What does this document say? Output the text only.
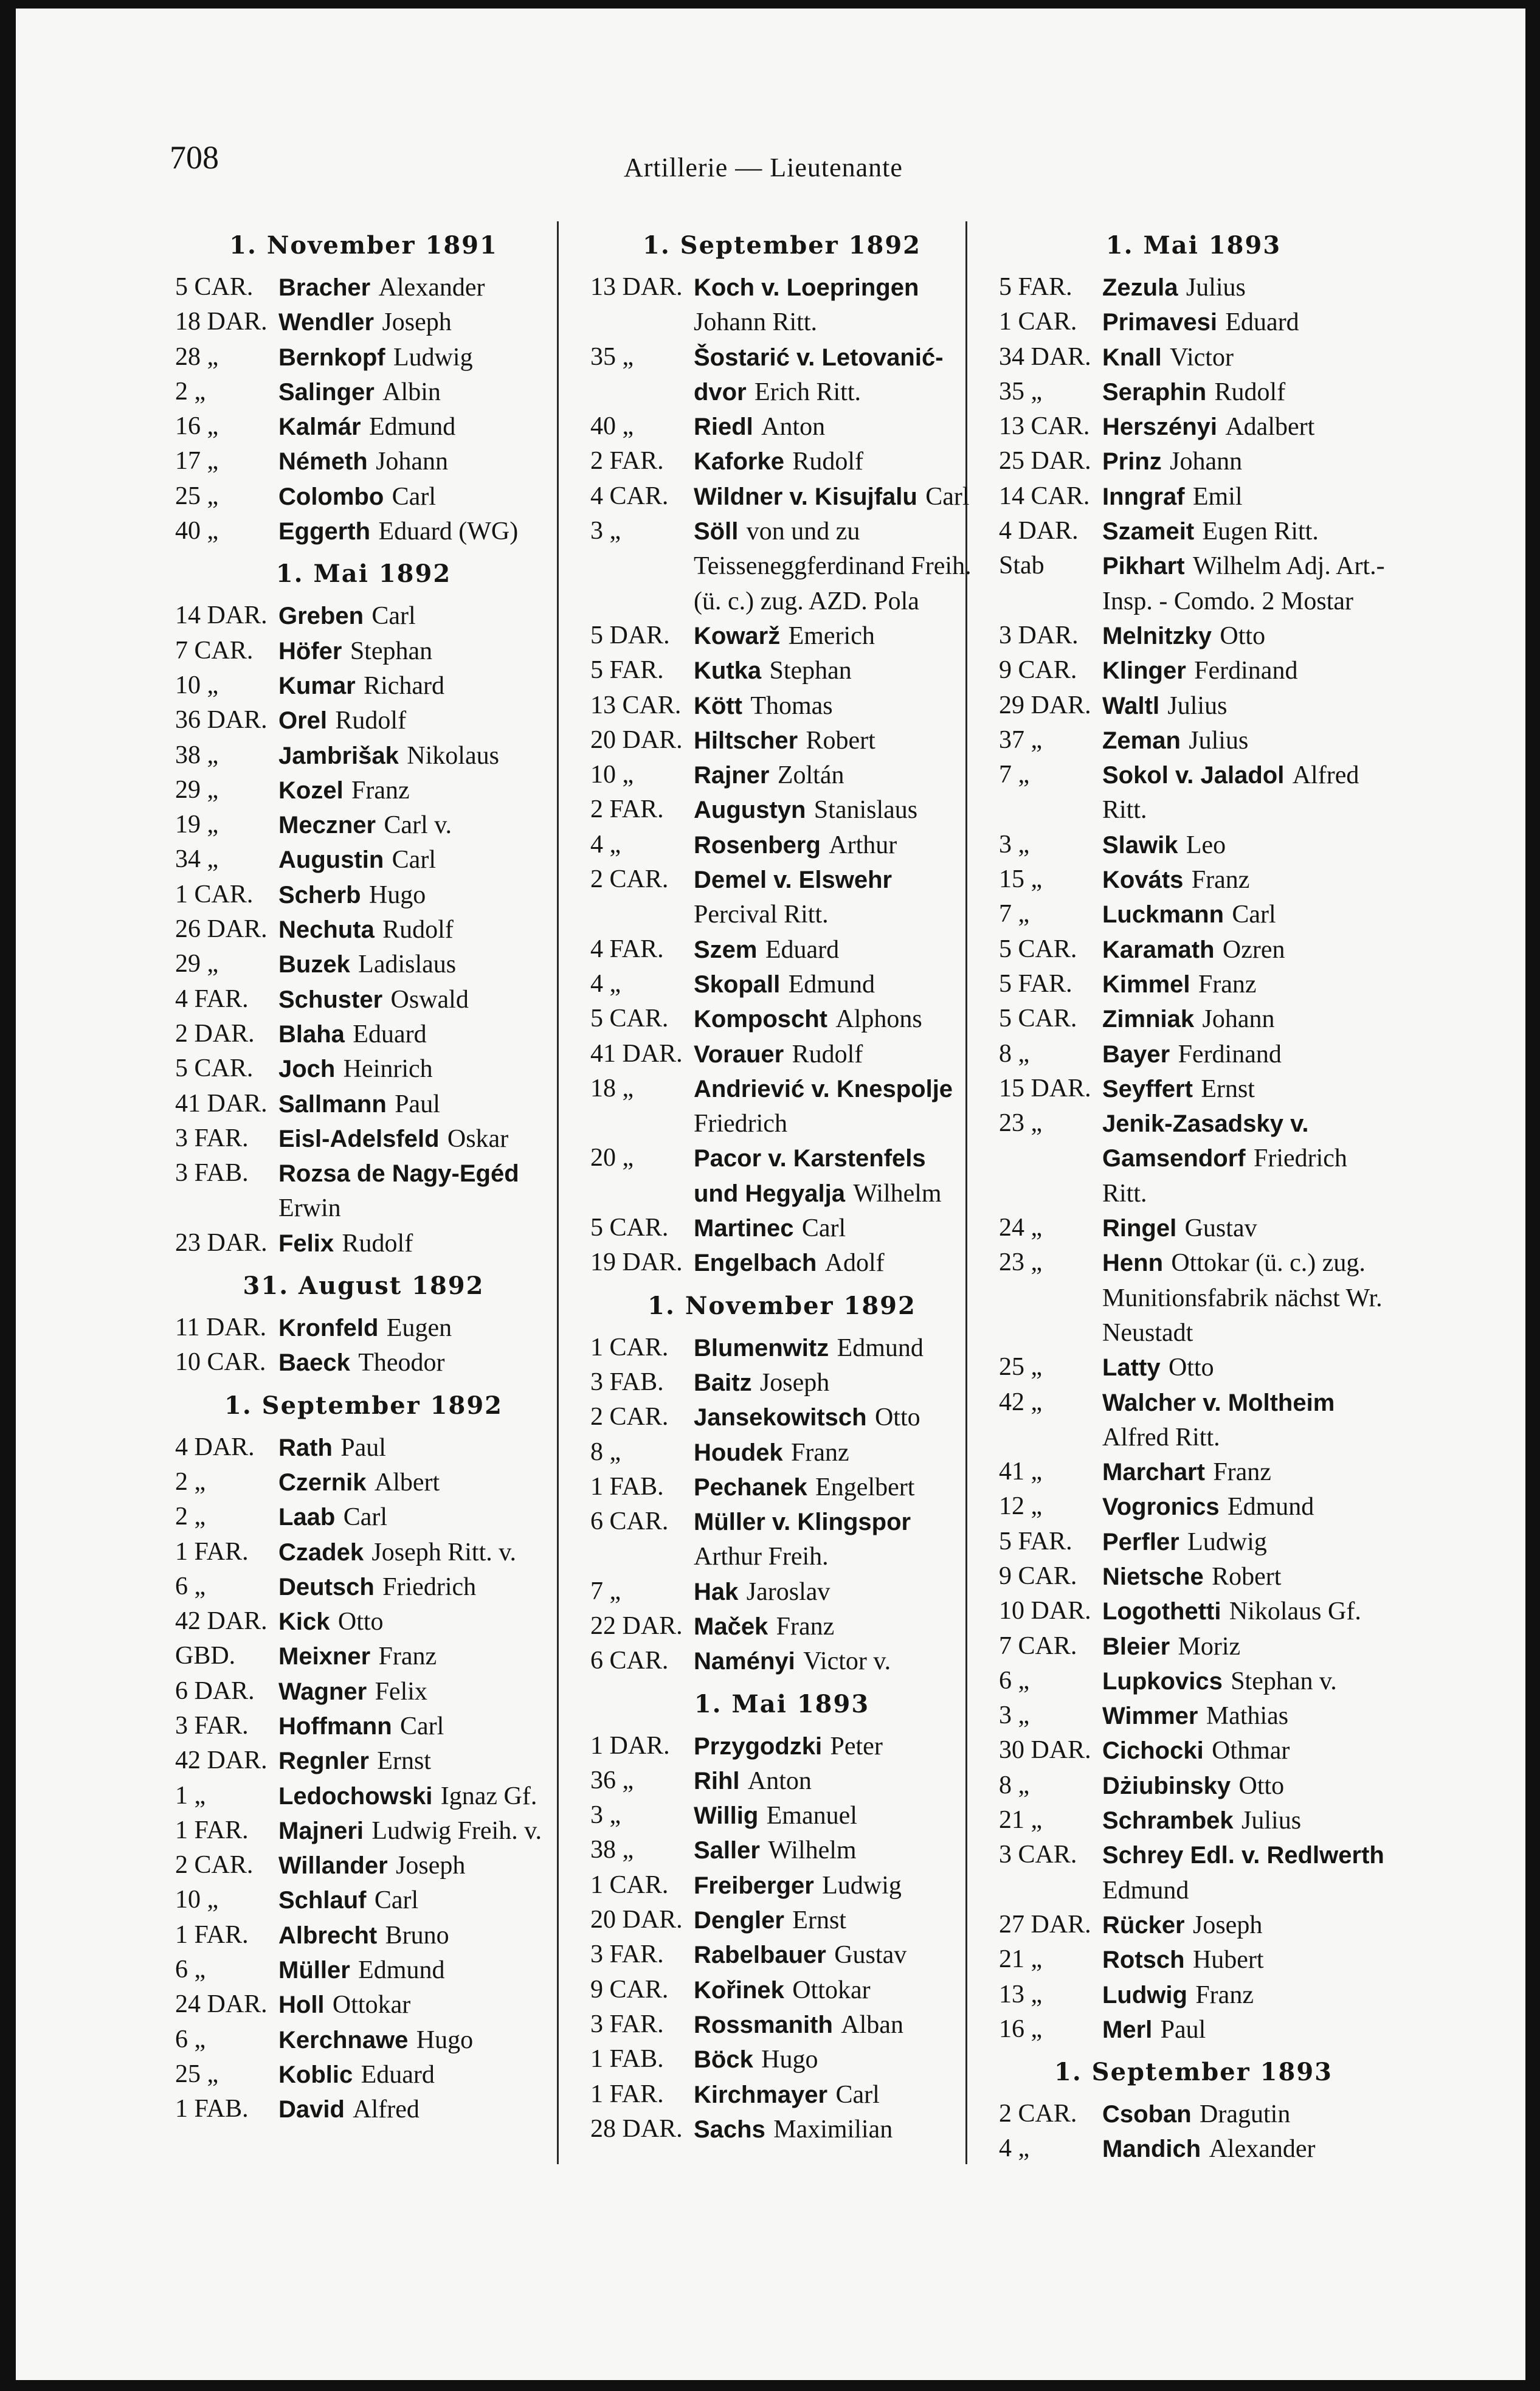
708	Artillerie — Lieutenante
1. November 1891
5 CAR.	Bracher Alexander
18 DAR. Wendler Joseph
28 „	Bernkopf Ludwig
2 „	Salinger Albin
16 „	Kalmár Edmund
17 „	Németh Johann
25 „	Colombo Carl
40 „	Eggerth Eduard (WG)
1. Mai 1892
14 DAR. Greben Carl
7 CAR.	Höfer Stephan
10 „	Kumar Richard
36 DAR. Orel Rudolf
38 „	Jambrišak Nikolaus
29 „	Kozel Franz
19 „	Meczner Carl v.
34 „	Augustin Carl
1 CAR.	Scherb Hugo
26 DAR. Nechuta Rudolf
29 „	Buzek Ladislaus
4 FAR.	Schuster Oswald
2 DAR. Blaha Eduard
5 CAR.	Joch Heinrich
41 DAR. Sallmann Paul
3 FAR.	Eisl-Adelsfeld Oskar
3 FAB.	Rozsa de Nagy-Egéd Erwin
23 DAR. Felix Rudolf
31. August 1892
11 DAR. Kronfeld Eugen
10 CAR. Baeck Theodor
1. September 1892
4 DAR. Rath Paul
2 „	Czernik Albert
2 „	Laab Carl
1 FAR.	Czadek Joseph Ritt. v.
6 „	Deutsch Friedrich
42 DAR. Kick Otto
GBD.	Meixner Franz
6 DAR. Wagner Felix
3 FAR.	Hoffmann Carl
42 DAR. Regnler Ernst
1 „	Ledochowski Ignaz Gf.
1 FAR.	Majneri Ludwig Freih. v.
2 CAR.	Willander Joseph
10 „	Schlauf Carl
1 FAR.	Albrecht Bruno
6 „	Müller Edmund
24 DAR. Holl Ottokar
6 „	Kerchnawe Hugo
25 „	Koblic Eduard
1 FAB.	David Alfred
1. September 1892
13 DAR. Koch v. Loepringen Johann Ritt.
35 „	Šostarić v. Letovanić-dvor Erich Ritt.
40 „	Riedl Anton
2 FAR.	Kaforke Rudolf
4 CAR.	Wildner v. Kisujfalu Carl
3 „	Söll von und zu Teisseneggferdinand Freih. (ü. c.) zug. AZD. Pola
5 DAR. Kowarž Emerich
5 FAR.	Kutka Stephan
13 CAR. Kött Thomas
20 DAR. Hiltscher Robert
10 „	Rajner Zoltán
2 FAR.	Augustyn Stanislaus
4 „	Rosenberg Arthur
2 CAR.	Demel v. Elswehr Percival Ritt.
4 FAR.	Szem Eduard
4 „	Skopall Edmund
5 CAR.	Komposcht Alphons
41 DAR. Vorauer Rudolf
18 „	Andriević v. Knespolje Friedrich
20 „	Pacor v. Karstenfels und Hegyalja Wilhelm
5 CAR.	Martinec Carl
19 DAR. Engelbach Adolf
1. November 1892
1 CAR.	Blumenwitz Edmund
3 FAB.	Baitz Joseph
2 CAR.	Jansekowitsch Otto
8 „	Houdek Franz
1 FAB.	Pechanek Engelbert
6 CAR.	Müller v. Klingspor Arthur Freih.
7 „	Hak Jaroslav
22 DAR. Maček Franz
6 CAR.	Naményi Victor v.
1. Mai 1893
1 DAR. Przygodzki Peter
36 „	Rihl Anton
3 „	Willig Emanuel
38 „	Saller Wilhelm
1 CAR.	Freiberger Ludwig
20 DAR. Dengler Ernst
3 FAR.	Rabelbauer Gustav
9 CAR.	Kořinek Ottokar
3 FAR.	Rossmanith Alban
1 FAB.	Böck Hugo
1 FAR.	Kirchmayer Carl
28 DAR. Sachs Maximilian
1. Mai 1893
5 FAR.	Zezula Julius
1 CAR.	Primavesi Eduard
34 DAR. Knall Victor
35 „	Seraphin Rudolf
13 CAR. Herszényi Adalbert
25 DAR. Prinz Johann
14 CAR. Inngraf Emil
4 DAR. Szameit Eugen Ritt.
Stab	Pikhart Wilhelm Adj. Art.-Insp. - Comdo. 2 Mostar
3 DAR. Melnitzky Otto
9 CAR.	Klinger Ferdinand
29 DAR. Waltl Julius
37 „	Zeman Julius
7 „	Sokol v. Jaladol Alfred Ritt.
3 „	Slawik Leo
15 „	Kováts Franz
7 „	Luckmann Carl
5 CAR.	Karamath Ozren
5 FAR.	Kimmel Franz
5 CAR.	Zimniak Johann
8 „	Bayer Ferdinand
15 DAR. Seyffert Ernst
23 „	Jenik-Zasadsky v. Gamsendorf Friedrich Ritt.
24 „	Ringel Gustav
23 „	Henn Ottokar (ü. c.) zug. Munitionsfabrik nächst Wr. Neustadt
25 „	Latty Otto
42 „	Walcher v. Moltheim Alfred Ritt.
41 „	Marchart Franz
12 „	Vogronics Edmund
5 FAR.	Perfler Ludwig
9 CAR.	Nietsche Robert
10 DAR. Logothetti Nikolaus Gf.
7 CAR.	Bleier Moriz
6 „	Lupkovics Stephan v.
3 „	Wimmer Mathias
30 DAR. Cichocki Othmar
8 „	Dżiubinsky Otto
21 „	Schrambek Julius
3 CAR.	Schrey Edl. v. Redlwerth Edmund
27 DAR. Rücker Joseph
21 „	Rotsch Hubert
13 „	Ludwig Franz
16 „	Merl Paul
1. September 1893
2 CAR.	Csoban Dragutin
4 „	Mandich Alexander
